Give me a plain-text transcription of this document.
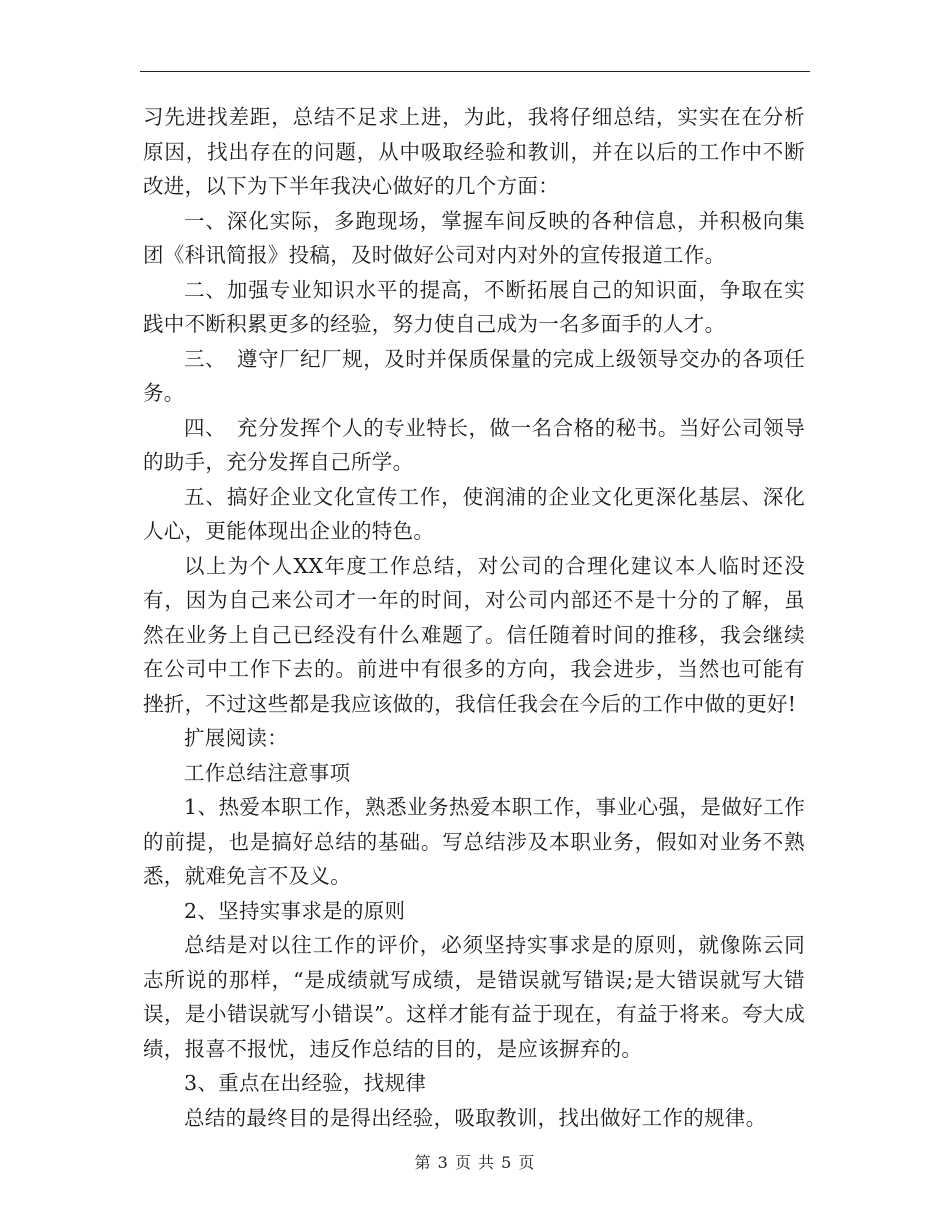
习先进找差距，总结不足求上进，为此，我将仔细总结，实实在在分析原因，找出存在的问题，从中吸取经验和教训，并在以后的工作中不断改进，以下为下半年我决心做好的几个方面：

一、深化实际，多跑现场，掌握车间反映的各种信息，并积极向集团《科讯简报》投稿，及时做好公司对内对外的宣传报道工作。

二、加强专业知识水平的提高，不断拓展自己的知识面，争取在实践中不断积累更多的经验，努力使自己成为一名多面手的人才。

三、　遵守厂纪厂规，及时并保质保量的完成上级领导交办的各项任务。

四、　充分发挥个人的专业特长，做一名合格的秘书。当好公司领导的助手，充分发挥自己所学。

五、搞好企业文化宣传工作，使润浦的企业文化更深化基层、深化人心，更能体现出企业的特色。

以上为个人XX年度工作总结，对公司的合理化建议本人临时还没有，因为自己来公司才一年的时间，对公司内部还不是十分的了解，虽然在业务上自己已经没有什么难题了。信任随着时间的推移，我会继续在公司中工作下去的。前进中有很多的方向，我会进步，当然也可能有挫折，不过这些都是我应该做的，我信任我会在今后的工作中做的更好!

扩展阅读：

工作总结注意事项

1、热爱本职工作，熟悉业务热爱本职工作，事业心强，是做好工作的前提，也是搞好总结的基础。写总结涉及本职业务，假如对业务不熟悉，就难免言不及义。

2、坚持实事求是的原则

总结是对以往工作的评价，必须坚持实事求是的原则，就像陈云同志所说的那样，“是成绩就写成绩，是错误就写错误;是大错误就写大错误，是小错误就写小错误”。这样才能有益于现在，有益于将来。夸大成绩，报喜不报忧，违反作总结的目的，是应该摒弃的。

3、重点在出经验，找规律

总结的最终目的是得出经验，吸取教训，找出做好工作的规律。

第 3 页 共 5 页
